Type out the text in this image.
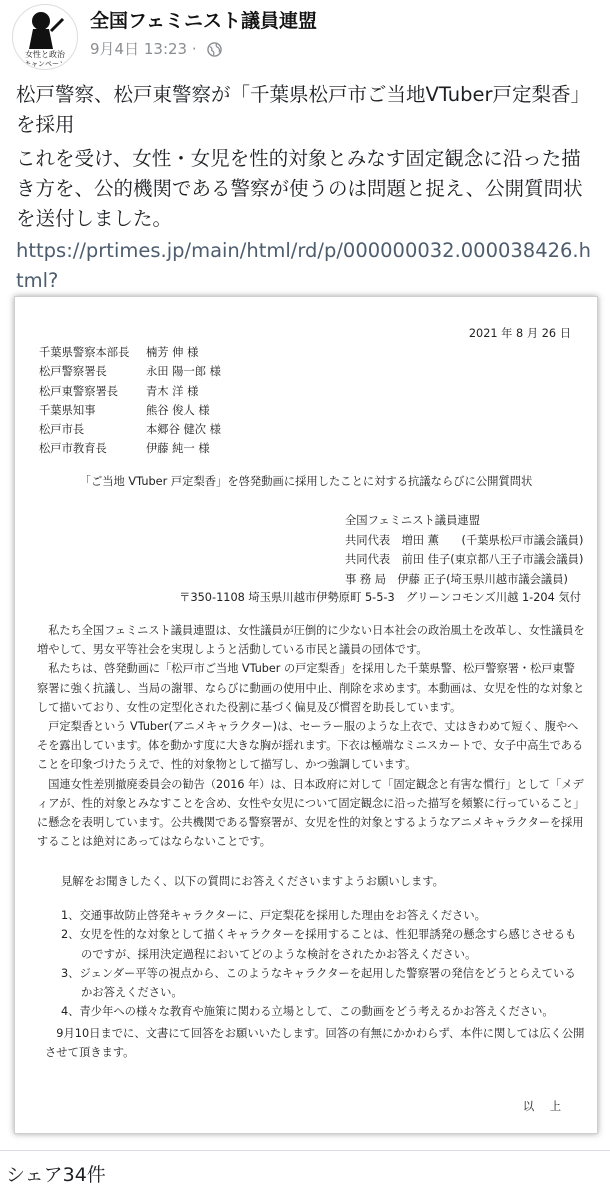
女性と政治
キャンペーン
全国フェミニスト議員連盟
9月4日 13:23 ·

松戸警察、松戸東警察が「千葉県松戸市ご当地VTuber戸定梨香」を採用

これを受け、女性・女児を性的対象とみなす固定観念に沿った描き方を、公的機関である警察が使うのは問題と捉え、公開質問状を送付しました。

https://prtimes.jp/main/html/rd/p/000000032.000038426.html?
2021 年 8 月 26 日
千葉県警察本部長 楠芳 伸 様
松戸警察署長	永田 陽一郎 様
松戸東警察署長 青木 洋 様
千葉県知事	熊谷 俊人 様
松戸市長	本郷谷 健次 様
松戸市教育長	伊藤 純一 様
「ご当地 VTuber 戸定梨香」を啓発動画に採用したことに対する抗議ならびに公開質問状
全国フェミニスト議員連盟
共同代表　増田 薫　　(千葉県松戸市議会議員)
共同代表　前田 佳子(東京都八王子市議会議員)
事 務 局　伊藤 正子(埼玉県川越市議会議員)
〒350-1108 埼玉県川越市伊勢原町 5-5-3　グリーンコモンズ川越 1-204 気付

私たち全国フェミニスト議員連盟は、女性議員が圧倒的に少ない日本社会の政治風土を改革し、女性議員を増やして、男女平等社会を実現しようと活動している市民と議員の団体です。

私たちは、啓発動画に「松戸市ご当地 VTuber の戸定梨香」を採用した千葉県警、松戸警察署・松戸東警察署に強く抗議し、当局の謝罪、ならびに動画の使用中止、削除を求めます。本動画は、女児を性的な対象として描いており、女性の定型化された役割に基づく偏見及び慣習を助長しています。

戸定梨香という VTuber(アニメキャラクター)は、セーラー服のような上衣で、丈はきわめて短く、腹やへそを露出しています。体を動かす度に大きな胸が揺れます。下衣は極端なミニスカートで、女子中高生であることを印象づけたうえで、性的対象物として描写し、かつ強調しています。

国連女性差別撤廃委員会の勧告（2016 年）は、日本政府に対して「固定観念と有害な慣行」として「メディアが、性的対象とみなすことを含め、女性や女児について固定観念に沿った描写を頻繁に行っていること」に懸念を表明しています。公共機関である警察署が、女児を性的対象とするようなアニメキャラクターを採用することは絶対にあってはならないことです。

見解をお聞きしたく、以下の質問にお答えくださいますようお願いします。
1、交通事故防止啓発キャラクターに、戸定梨花を採用した理由をお答えください。
2、女児を性的な対象として描くキャラクターを採用することは、性犯罪誘発の懸念すら感じさせるものですが、採用決定過程においてどのような検討をされたかお答えください。
3、ジェンダー平等の視点から、このようなキャラクターを起用した警察署の発信をどうとらえているかお答えください。
4、青少年への様々な教育や施策に関わる立場として、この動画をどう考えるかお答えください。

9月10日までに、文書にて回答をお願いいたします。回答の有無にかかわらず、本件に関しては広く公開させて頂きます。

以 上
シェア34件
